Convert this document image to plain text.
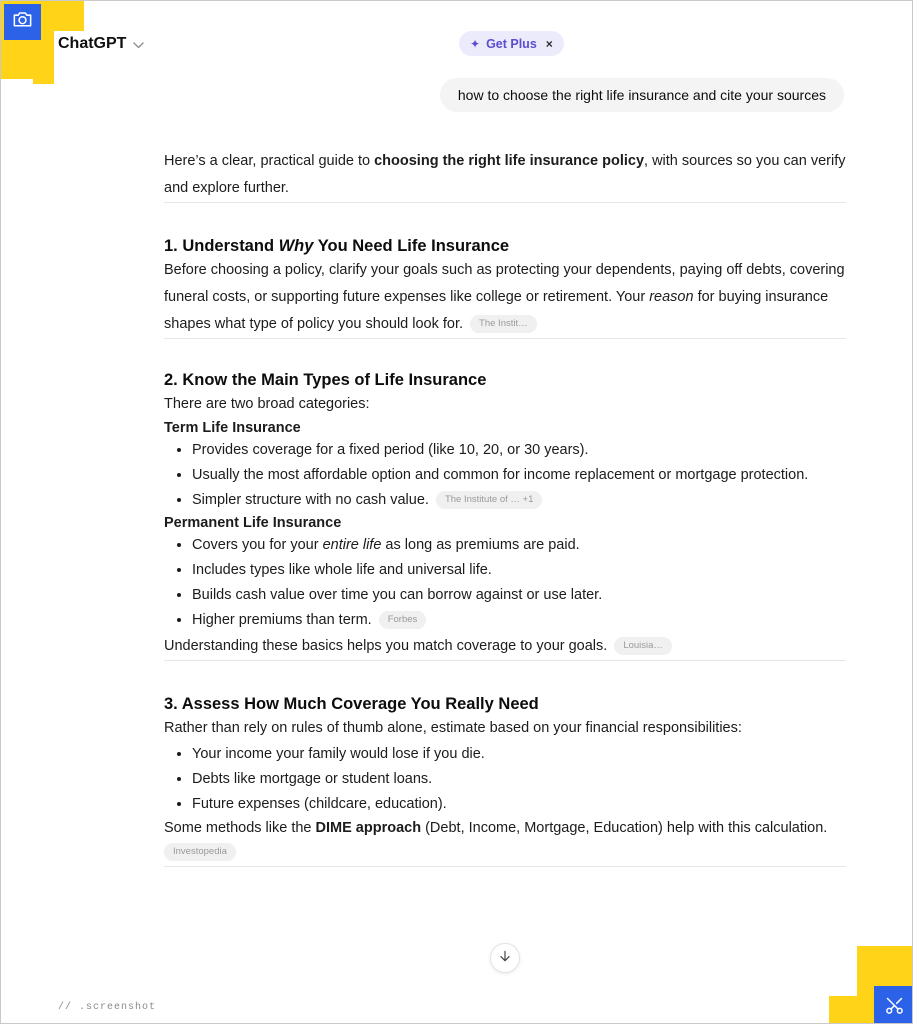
ChatGPT	✦ Get Plus ×
how to choose the right life insurance and cite your sources

Here’s a clear, practical guide to choosing the right life insurance policy, with sources so you can verify and explore further.

1. Understand Why You Need Life Insurance

Before choosing a policy, clarify your goals such as protecting your dependents, paying off debts, covering funeral costs, or supporting future expenses like college or retirement. Your reason for buying insurance shapes what type of policy you should look for. The Instit…

2. Know the Main Types of Life Insurance

There are two broad categories:

Term Life Insurance

• Provides coverage for a fixed period (like 10, 20, or 30 years).
• Usually the most affordable option and common for income replacement or mortgage protection.
• Simpler structure with no cash value. The Institute of … +1

Permanent Life Insurance

• Covers you for your entire life as long as premiums are paid.
• Includes types like whole life and universal life.
• Builds cash value over time you can borrow against or use later.
• Higher premiums than term. Forbes

Understanding these basics helps you match coverage to your goals. Louisia…

3. Assess How Much Coverage You Really Need

Rather than rely on rules of thumb alone, estimate based on your financial responsibilities:

• Your income your family would lose if you die.
• Debts like mortgage or student loans.
• Future expenses (childcare, education).

Some methods like the DIME approach (Debt, Income, Mortgage, Education) help with this calculation.

Investopedia

// .screenshot
